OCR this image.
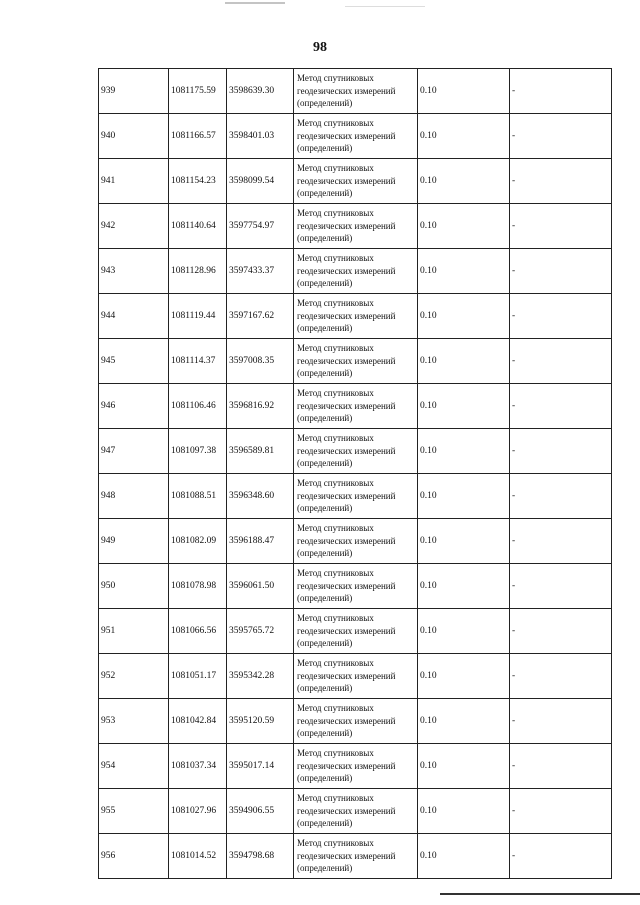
98
939	1081175.59	3598639.30	Метод спутниковых геодезических измерений (определений)	0.10	-
940	1081166.57	3598401.03	Метод спутниковых геодезических измерений (определений)	0.10	-
941	1081154.23	3598099.54	Метод спутниковых геодезических измерений (определений)	0.10	-
942	1081140.64	3597754.97	Метод спутниковых геодезических измерений (определений)	0.10	-
943	1081128.96	3597433.37	Метод спутниковых геодезических измерений (определений)	0.10	-
944	1081119.44	3597167.62	Метод спутниковых геодезических измерений (определений)	0.10	-
945	1081114.37	3597008.35	Метод спутниковых геодезических измерений (определений)	0.10	-
946	1081106.46	3596816.92	Метод спутниковых геодезических измерений (определений)	0.10	-
947	1081097.38	3596589.81	Метод спутниковых геодезических измерений (определений)	0.10	-
948	1081088.51	3596348.60	Метод спутниковых геодезических измерений (определений)	0.10	-
949	1081082.09	3596188.47	Метод спутниковых геодезических измерений (определений)	0.10	-
950	1081078.98	3596061.50	Метод спутниковых геодезических измерений (определений)	0.10	-
951	1081066.56	3595765.72	Метод спутниковых геодезических измерений (определений)	0.10	-
952	1081051.17	3595342.28	Метод спутниковых геодезических измерений (определений)	0.10	-
953	1081042.84	3595120.59	Метод спутниковых геодезических измерений (определений)	0.10	-
954	1081037.34	3595017.14	Метод спутниковых геодезических измерений (определений)	0.10	-
955	1081027.96	3594906.55	Метод спутниковых геодезических измерений (определений)	0.10	-
956	1081014.52	3594798.68	Метод спутниковых геодезических измерений (определений)	0.10	-
